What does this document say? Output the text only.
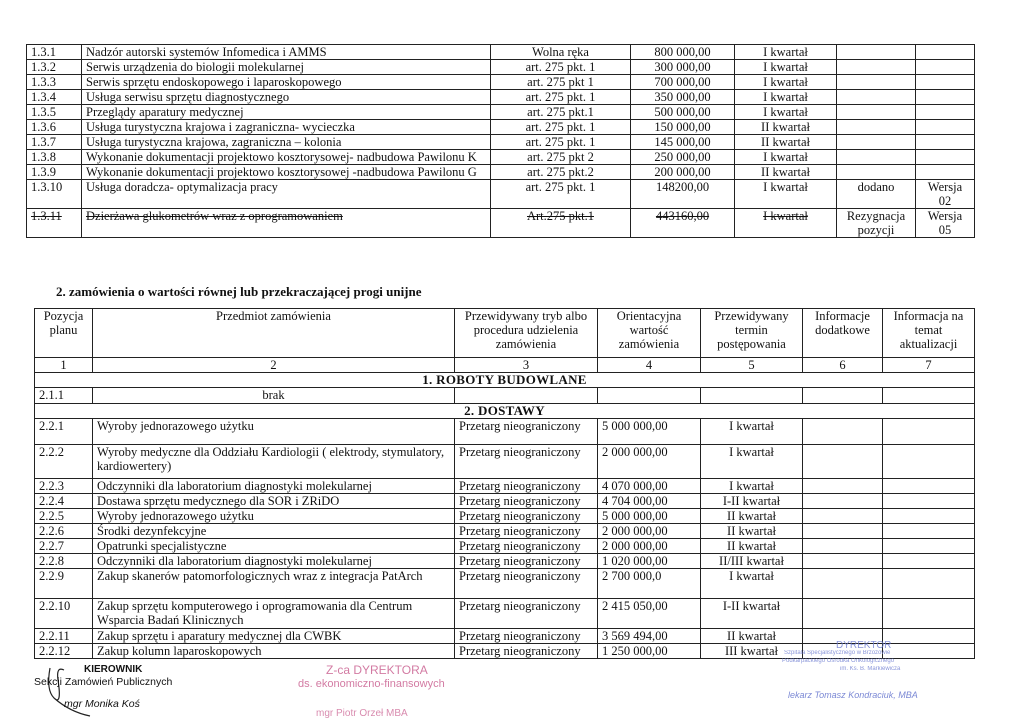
1.3.1	Nadzór autorski systemów Infomedica i AMMS	Wolna ręka	800 000,00	I kwartał		
1.3.2	Serwis urządzenia do biologii molekularnej	art. 275 pkt. 1	300 000,00	I kwartał		
1.3.3	Serwis sprzętu endoskopowego i laparoskopowego	art. 275 pkt 1	700 000,00	I kwartał		
1.3.4	Usługa serwisu sprzętu diagnostycznego	art. 275 pkt. 1	350 000,00	I kwartał		
1.3.5	Przeglądy aparatury medycznej	art. 275 pkt.1	500 000,00	I kwartał		
1.3.6	Usługa turystyczna krajowa i zagraniczna- wycieczka	art. 275 pkt. 1	150 000,00	II kwartał		
1.3.7	Usługa turystyczna krajowa, zagraniczna – kolonia	art. 275 pkt. 1	145 000,00	II kwartał		
1.3.8	Wykonanie dokumentacji projektowo kosztorysowej- nadbudowa Pawilonu K	art. 275 pkt 2	250 000,00	I kwartał		
1.3.9	Wykonanie dokumentacji projektowo kosztorysowej -nadbudowa Pawilonu G	art. 275 pkt.2	200 000,00	II kwartał		
1.3.10	Usługa doradcza- optymalizacja pracy	art. 275 pkt. 1	148200,00	I kwartał	dodano	Wersja 02
1.3.11	Dzierżawa glukometrów wraz z oprogramowaniem	Art.275 pkt.1	443160,00	I kwartał	Rezygnacja pozycji	Wersja 05
2. zamówienia o wartości równej lub przekraczającej progi unijne
Pozycja planu	Przedmiot zamówienia	Przewidywany tryb albo procedura udzielenia zamówienia	Orientacyjna wartość zamówienia	Przewidywany termin postępowania	Informacje dodatkowe	Informacja na temat aktualizacji
1	2	3	4	5	6	7
1. ROBOTY BUDOWLANE						
2.1.1	brak					
2. DOSTAWY						
2.2.1	Wyroby jednorazowego użytku	Przetarg nieograniczony	5 000 000,00	I kwartał		
2.2.2	Wyroby medyczne dla Oddziału Kardiologii ( elektrody, stymulatory, kardiowertery)	Przetarg nieograniczony	2 000 000,00	I kwartał		
2.2.3	Odczynniki dla laboratorium diagnostyki molekularnej	Przetarg nieograniczony	4 070 000,00	I kwartał		
2.2.4	Dostawa sprzętu medycznego dla SOR i ZRiDO	Przetarg nieograniczony	4 704 000,00	I-II kwartał		
2.2.5	Wyroby jednorazowego użytku	Przetarg nieograniczony	5 000 000,00	II kwartał		
2.2.6	Środki dezynfekcyjne	Przetarg nieograniczony	2 000 000,00	II kwartał		
2.2.7	Opatrunki specjalistyczne	Przetarg nieograniczony	2 000 000,00	II kwartał		
2.2.8	Odczynniki dla laboratorium diagnostyki molekularnej	Przetarg nieograniczony	1 020 000,00	II/III kwartał		
2.2.9	Zakup skanerów patomorfologicznych wraz z integracja PatArch	Przetarg nieograniczony	2 700 000,0	I kwartał		
2.2.10	Zakup sprzętu komputerowego i oprogramowania dla Centrum Wsparcia Badań Klinicznych	Przetarg nieograniczony	2 415 050,00	I-II kwartał		
2.2.11	Zakup sprzętu i aparatury medycznej dla CWBK	Przetarg nieograniczony	3 569 494,00	II kwartał		
2.2.12	Zakup kolumn laparoskopowych	Przetarg nieograniczony	1 250 000,00	III kwartał		
KIEROWNIK
Sekcji Zamówień Publicznych
mgr Monika Koś
Z-ca DYREKTORA
ds. ekonomiczno-finansowych
mgr Piotr Orzeł MBA
DYREKTOR
Szpitala Specjalistycznego w Brzozowie
Podkarpackiego Ośrodka Onkologicznego
im. Ks. B. Markiewicza
lekarz Tomasz Kondraciuk, MBA
